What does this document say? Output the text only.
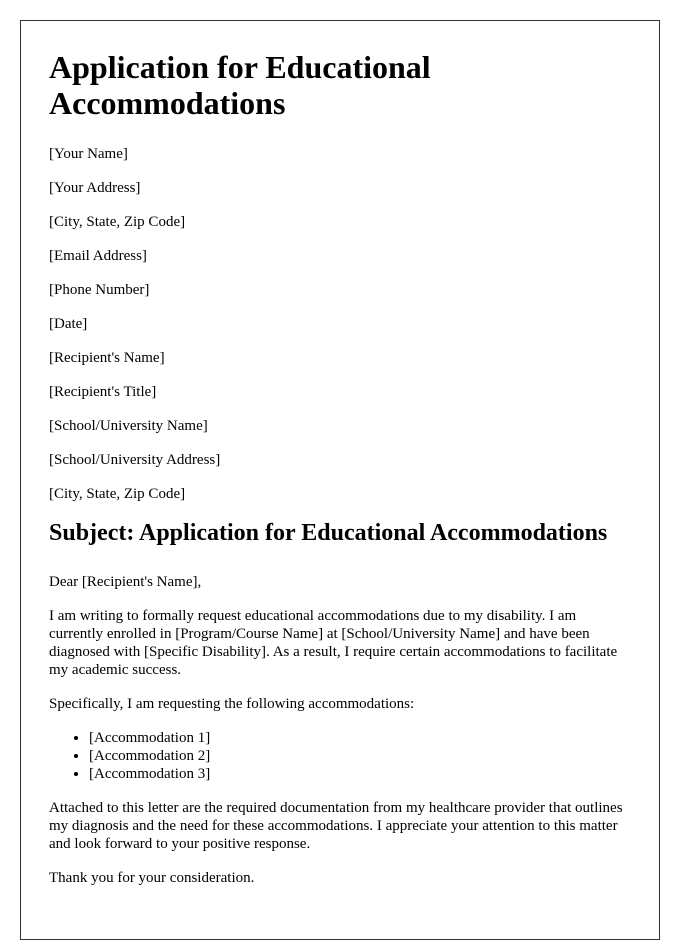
Application for Educational Accommodations

[Your Name]

[Your Address]

[City, State, Zip Code]

[Email Address]

[Phone Number]

[Date]

[Recipient's Name]

[Recipient's Title]

[School/University Name]

[School/University Address]

[City, State, Zip Code]

Subject: Application for Educational Accommodations

Dear [Recipient's Name],

I am writing to formally request educational accommodations due to my disability. I am currently enrolled in [Program/Course Name] at [School/University Name] and have been diagnosed with [Specific Disability]. As a result, I require certain accommodations to facilitate my academic success.

Specifically, I am requesting the following accommodations:

• [Accommodation 1]
• [Accommodation 2]
• [Accommodation 3]

Attached to this letter are the required documentation from my healthcare provider that outlines my diagnosis and the need for these accommodations. I appreciate your attention to this matter and look forward to your positive response.

Thank you for your consideration.
